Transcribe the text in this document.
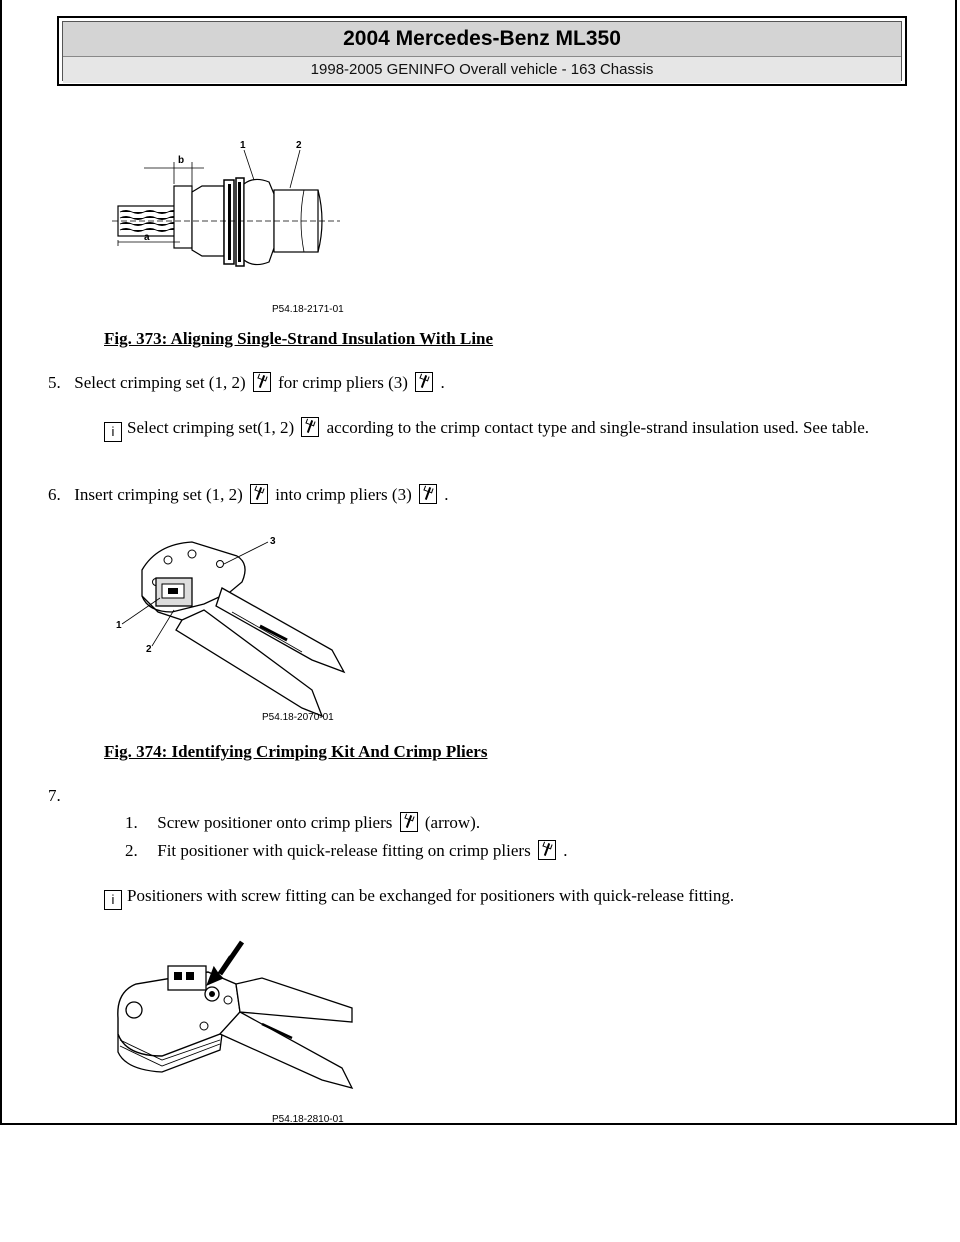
2004 Mercedes-Benz ML350
1998-2005 GENINFO Overall vehicle - 163 Chassis
b
a
1	2
P54.18-2171-01
Fig. 373: Aligning Single-Strand Insulation With Line
5. Select crimping set (1, 2) for crimp pliers (3) .
i Select crimping set(1, 2) according to the crimp contact type and single-strand insulation used. See table.
6. Insert crimping set (1, 2) into crimp pliers (3) .
3
1
2
P54.18-2070-01
Fig. 374: Identifying Crimping Kit And Crimp Pliers
7.
1. Screw positioner onto crimp pliers (arrow).
2. Fit positioner with quick-release fitting on crimp pliers .
i Positioners with screw fitting can be exchanged for positioners with quick-release fitting.
P54.18-2810-01
